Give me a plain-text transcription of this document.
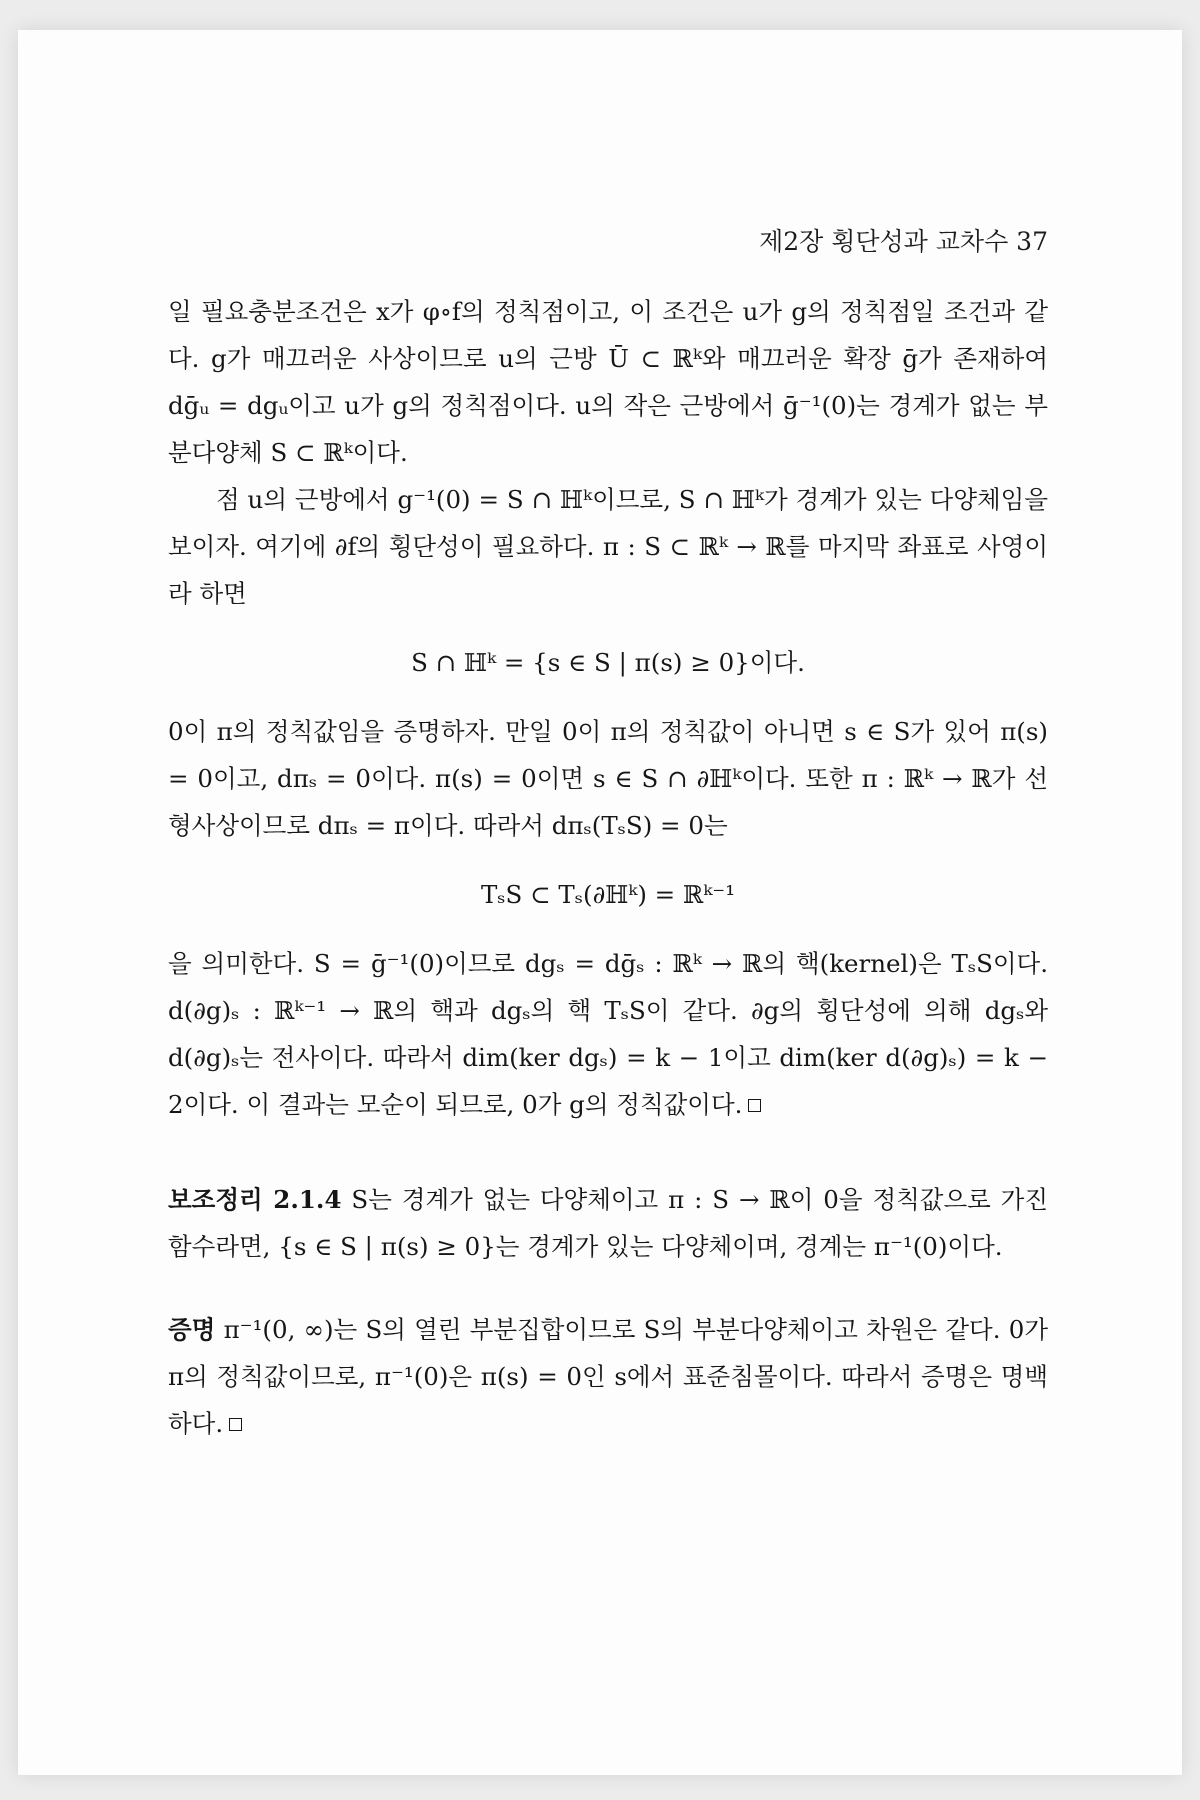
제2장 횡단성과 교차수 37

일 필요충분조건은 x가 φ∘f의 정칙점이고, 이 조건은 u가 g의 정칙점일 조건과 같다. g가 매끄러운 사상이므로 u의 근방 Ū ⊂ ℝᵏ와 매끄러운 확장 ḡ가 존재하여 dḡᵤ = dgᵤ이고 u가 g의 정칙점이다. u의 작은 근방에서 ḡ⁻¹(0)는 경계가 없는 부분다양체 S ⊂ ℝᵏ이다.

점 u의 근방에서 g⁻¹(0) = S ∩ ℍᵏ이므로, S ∩ ℍᵏ가 경계가 있는 다양체임을 보이자. 여기에 ∂f의 횡단성이 필요하다. π : S ⊂ ℝᵏ → ℝ를 마지막 좌표로 사영이라 하면

S ∩ ℍᵏ = {s ∈ S | π(s) ≥ 0}이다.

0이 π의 정칙값임을 증명하자. 만일 0이 π의 정칙값이 아니면 s ∈ S가 있어 π(s) = 0이고, dπₛ = 0이다. π(s) = 0이면 s ∈ S ∩ ∂ℍᵏ이다. 또한 π : ℝᵏ → ℝ가 선형사상이므로 dπₛ = π이다. 따라서 dπₛ(TₛS) = 0는

TₛS ⊂ Tₛ(∂ℍᵏ) = ℝᵏ⁻¹

을 의미한다. S = ḡ⁻¹(0)이므로 dgₛ = dḡₛ : ℝᵏ → ℝ의 핵(kernel)은 TₛS이다. d(∂g)ₛ : ℝᵏ⁻¹ → ℝ의 핵과 dgₛ의 핵 TₛS이 같다. ∂g의 횡단성에 의해 dgₛ와 d(∂g)ₛ는 전사이다. 따라서 dim(ker dgₛ) = k − 1이고 dim(ker d(∂g)ₛ) = k − 2이다. 이 결과는 모순이 되므로, 0가 g의 정칙값이다.

보조정리 2.1.4 S는 경계가 없는 다양체이고 π : S → ℝ이 0을 정칙값으로 가진 함수라면, {s ∈ S | π(s) ≥ 0}는 경계가 있는 다양체이며, 경계는 π⁻¹(0)이다.

증명 π⁻¹(0, ∞)는 S의 열린 부분집합이므로 S의 부분다양체이고 차원은 같다. 0가 π의 정칙값이므로, π⁻¹(0)은 π(s) = 0인 s에서 표준침몰이다. 따라서 증명은 명백하다.
